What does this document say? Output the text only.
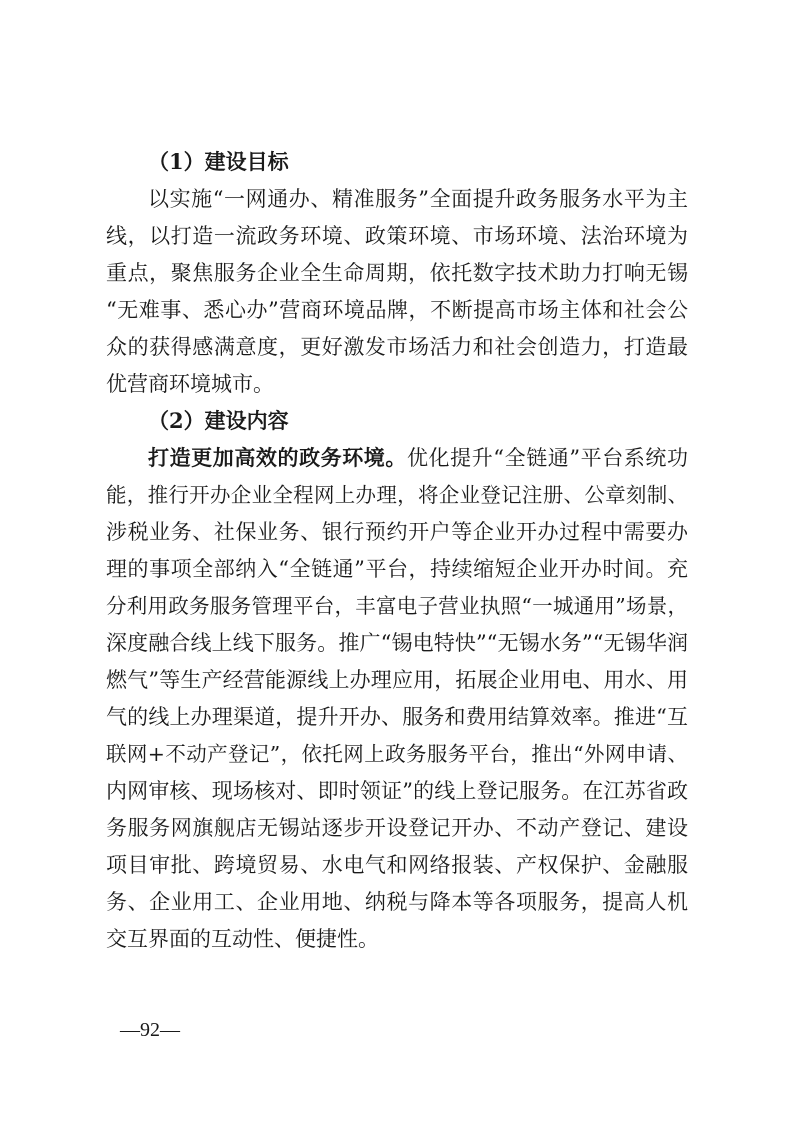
（1）建设目标
以实施“一网通办、精准服务”全面提升政务服务水平为主
线，以打造一流政务环境、政策环境、市场环境、法治环境为
重点，聚焦服务企业全生命周期，依托数字技术助力打响无锡
“无难事、悉心办”营商环境品牌，不断提高市场主体和社会公
众的获得感满意度，更好激发市场活力和社会创造力，打造最
优营商环境城市。
（2）建设内容
打造更加高效的政务环境。优化提升“全链通”平台系统功
能，推行开办企业全程网上办理，将企业登记注册、公章刻制、
涉税业务、社保业务、银行预约开户等企业开办过程中需要办
理的事项全部纳入“全链通”平台，持续缩短企业开办时间。充
分利用政务服务管理平台，丰富电子营业执照“一城通用”场景，
深度融合线上线下服务。推广“锡电特快”“无锡水务”“无锡华润
燃气”等生产经营能源线上办理应用，拓展企业用电、用水、用
气的线上办理渠道，提升开办、服务和费用结算效率。推进“互
联网+不动产登记”，依托网上政务服务平台，推出“外网申请、
内网审核、现场核对、即时领证”的线上登记服务。在江苏省政
务服务网旗舰店无锡站逐步开设登记开办、不动产登记、建设
项目审批、跨境贸易、水电气和网络报装、产权保护、金融服
务、企业用工、企业用地、纳税与降本等各项服务，提高人机
交互界面的互动性、便捷性。
—92—
